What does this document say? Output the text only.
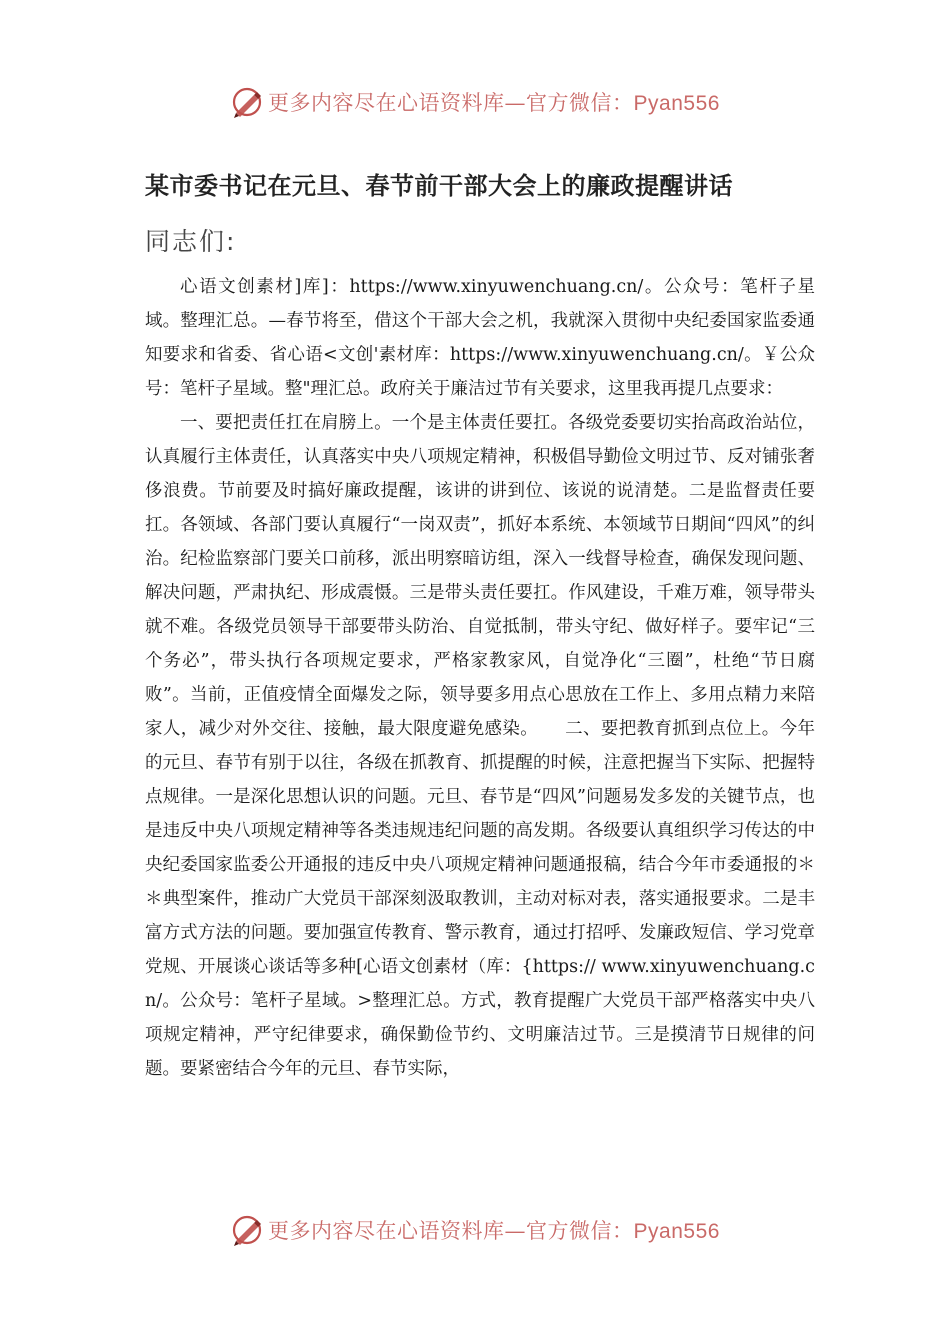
更多内容尽在心语资料库—官方微信：Pyan556
某市委书记在元旦、春节前干部大会上的廉政提醒讲话
同志们:

心语文创素材]库]：https://www.xinyuwenchuang.cn/。公众号：笔杆子星域。整理汇总。—春节将至，借这个干部大会之机，我就深入贯彻中央纪委国家监委通知要求和省委、省心语<文创'素材库：https://www.xinyuwenchuang.cn/。￥公众号：笔杆子星域。整"理汇总。政府关于廉洁过节有关要求，这里我再提几点要求：

一、要把责任扛在肩膀上。一个是主体责任要扛。各级党委要切实抬高政治站位，认真履行主体责任，认真落实中央八项规定精神，积极倡导勤俭文明过节、反对铺张奢侈浪费。节前要及时搞好廉政提醒，该讲的讲到位、该说的说清楚。二是监督责任要扛。各领域、各部门要认真履行“一岗双责”，抓好本系统、本领域节日期间“四风”的纠治。纪检监察部门要关口前移，派出明察暗访组，深入一线督导检查，确保发现问题、解决问题，严肃执纪、形成震慑。三是带头责任要扛。作风建设，千难万难，领导带头就不难。各级党员领导干部要带头防治、自觉抵制，带头守纪、做好样子。要牢记“三个务必”，带头执行各项规定要求，严格家教家风，自觉净化“三圈”，杜绝“节日腐败”。当前，正值疫情全面爆发之际，领导要多用点心思放在工作上、多用点精力来陪家人，减少对外交往、接触，最大限度避免感染。　　二、要把教育抓到点位上。今年的元旦、春节有别于以往，各级在抓教育、抓提醒的时候，注意把握当下实际、把握特点规律。一是深化思想认识的问题。元旦、春节是“四风”问题易发多发的关键节点，也是违反中央八项规定精神等各类违规违纪问题的高发期。各级要认真组织学习传达的中央纪委国家监委公开通报的违反中央八项规定精神问题通报稿，结合今年市委通报的＊＊典型案件，推动广大党员干部深刻汲取教训，主动对标对表，落实通报要求。二是丰富方式方法的问题。要加强宣传教育、警示教育，通过打招呼、发廉政短信、学习党章党规、开展谈心谈话等多种[心语文创素材（库：{https:// www.xinyuwenchuang.cn/。公众号：笔杆子星域。>整理汇总。方式，教育提醒广大党员干部严格落实中央八项规定精神，严守纪律要求，确保勤俭节约、文明廉洁过节。三是摸清节日规律的问题。要紧密结合今年的元旦、春节实际，

更多内容尽在心语资料库—官方微信：Pyan556
